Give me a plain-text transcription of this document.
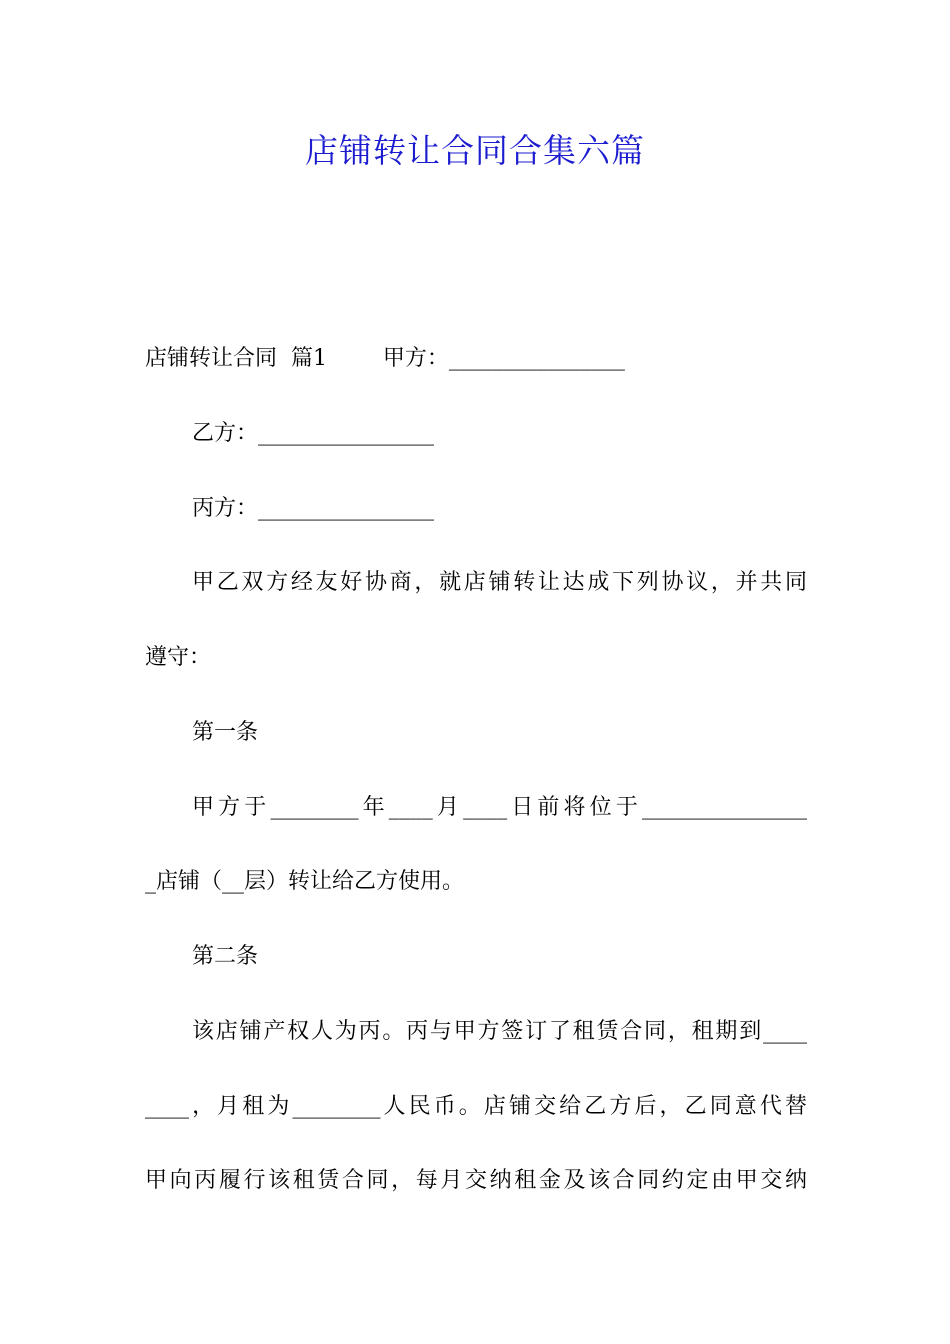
店铺转让合同合集六篇
店铺转让合同  篇1        甲方：________________
乙方：________________
丙方：________________
甲乙双方经友好协商，就店铺转让达成下列协议，并共同
遵守：
第一条
甲方于________年____月____日前将位于_______________
_店铺（__层）转让给乙方使用。
第二条
该店铺产权人为丙。丙与甲方签订了租赁合同，租期到____
____，月租为________人民币。店铺交给乙方后，乙同意代替
甲向丙履行该租赁合同，每月交纳租金及该合同约定由甲交纳
